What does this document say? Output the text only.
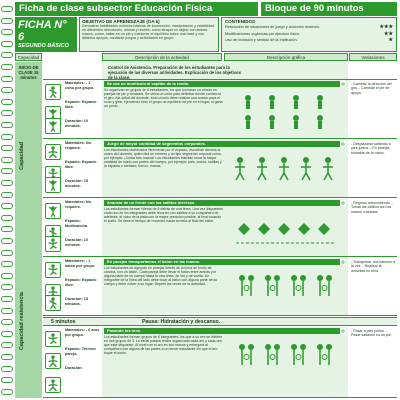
Ficha de clase subsector Educación Física	Bloque de 90 minutos
FICHA N° 6
SEGUNDO BÁSICO
OBJETIVO DE APRENDIZAJE (OA 6)
Demostrar habilidades motrices básicas de locomoción, manipulación y estabilidad en diferentes direcciones, alturas y niveles, como atrapar un objeto con ambas manos, correr, saltar en un pie y mantener el equilibrio sobre una base y con distintos apoyos, mediante juegos y actividades en grupo.
CONTENIDOS
Resolución de situaciones de juego y acciones motrices.	★★★
Modificaciones orgánicas por ejercicio físico.	★★
Uso de inclusión y sentido de la Institución.	★
Capacidad	Descripción de la actividad	Descripción gráfica	Variaciones
INICIO DE CLASE 15 minutos
Capacidad
Capacidad resistencia
Control de Asistencia. Preparación de los estudiantes para la ejecución de las diversas actividades. Explicación de los objetivos de la clase.
Materiales: - 1 cono por grupo.
Espacio: Espacio libre.
Duración: 10 minutos.
Se cae un montículo al capitán de la ronda.	◎
Se organizan en grupos de 6 estudiantes, los que formaran un círculo en parejas de pie y tomados. Se ubica un cono para delimitar donde comienza el giro. Ala señal del docente, todo círculo debe realizar una torsión para el cono y girar, ejerciendo todo el grupo un equilibrio de pie en el lugar; si gana un punto.
- Cambiar la dirección del giro. - Cambiar el pie de apoyo.
Materiales: No requiere.
Espacio: Espacio libre.
Duración: 15 minutos.
Juego de mayor cantidad de segmentos corporales.	◎
Los estudiantes distribuidos libremente por el espacio, escuchan atentos la orden del docente, quien dirá un número y un tipo segmento corporal como, por ejemplo: ¡Juntar tres manos! Los estudiantes intentan tocar la mayor cantidad de suelo con partes del cuerpo, por ejemplo: pies, codos, rodillas y la espalda o sentado, tronco, manos.
- Desplazarse saltando a pies juntos. - En parejas tomadas de la mano.
Materiales: No requiere.
Espacio: Multicancha.
Duración: 10 minutos.
Avanzar de un frente con los saltitos inversos.	◎
Los estudiantes forman hileras de 6 detrás de una línea. Una vez dispuestos cada uno de los integrantes debe recorrer con saltitos a su compañero de adelante, al cabo de la pista con la mayor precisión posible, al final tocando el suelo. Se lleva el tiempo de recorrido hasta la meta al final del salón.
- Regreso retrocediendo. - Tomar las tobillos con las manos cruzadas.
Materiales: - 1 balón por grupo.
Espacio: Espacio libre.
Duración: 15 minutos.
En parejas transportamos el balón en las manos.	◎
Los estudiantes se agrupan en parejas detrás de la línea de fondo de cancha, con un balón. Cada pareja debe llevar el balón entre ambas por alguna parte de su cuerpo hasta la otra línea, de ida y de vuelta. Un integrante de la línea del lado debe tocar al balón con alguna parte de su cuerpo y debe volver a su lugar. Repetir las veces de la actividad.
- Transportar dos balones a la vez. - Realizar la actividad en tríos.
5 minutos	Pausa: Hidratación y descanso.
Materiales: - 6 aros por grupo.
Espacio: Terreno parejo.
Duración:
Pasando los aros.	◎
Los estudiantes forman grupos de 6 integrantes, los que a su vez se dividen en dos grupos de 3. La señal pasará recibe organizarla cada aro y cada uno que este dispuesto. Al nivel con el aro en sus manos y entregará al compañero con alguna de las partes a un tercer estudiante sin que el aro toque el suelo.
- Pasar a pies juntos. - Pasar saltando en un pie.
